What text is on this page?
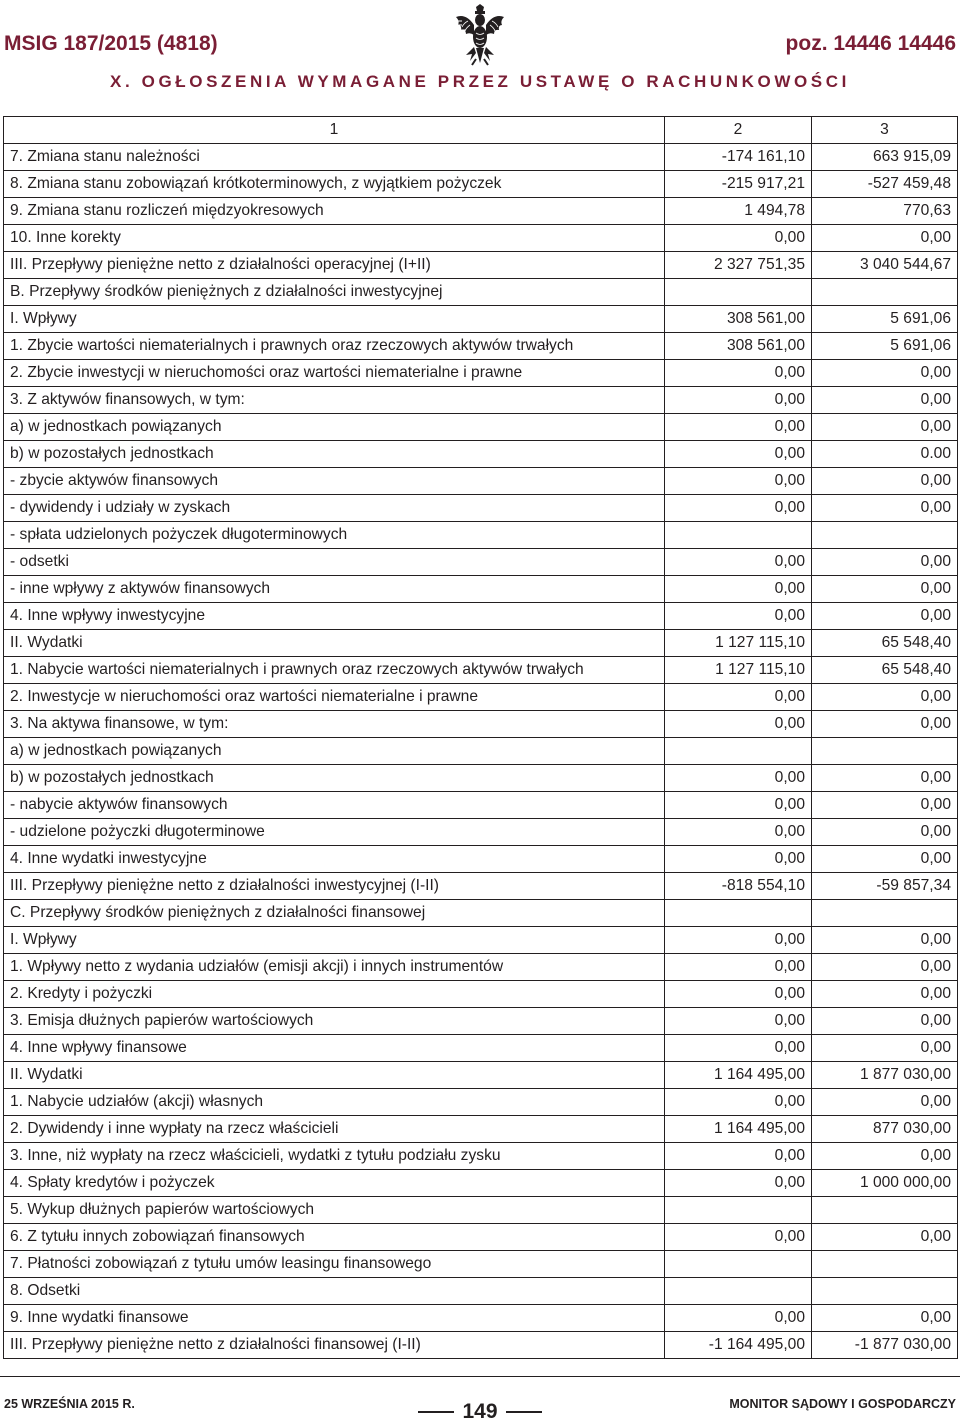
MSIG 187/2015 (4818)	poz. 14446 14446
X. OGŁOSZENIA WYMAGANE PRZEZ USTAWĘ O RACHUNKOWOŚCI
1	2	3
7. Zmiana stanu należności	-174 161,10	663 915,09
8. Zmiana stanu zobowiązań krótkoterminowych, z wyjątkiem pożyczek	-215 917,21	-527 459,48
9. Zmiana stanu rozliczeń międzyokresowych	1 494,78	770,63
10. Inne korekty	0,00	0,00
III. Przepływy pieniężne netto z działalności operacyjnej (I+II)	2 327 751,35	3 040 544,67
B. Przepływy środków pieniężnych z działalności inwestycyjnej		
I. Wpływy	308 561,00	5 691,06
1. Zbycie wartości niematerialnych i prawnych oraz rzeczowych aktywów trwałych	308 561,00	5 691,06
2. Zbycie inwestycji w nieruchomości oraz wartości niematerialne i prawne	0,00	0,00
3. Z aktywów finansowych, w tym:	0,00	0,00
a) w jednostkach powiązanych	0,00	0,00
b) w pozostałych jednostkach	0,00	0.00
- zbycie aktywów finansowych	0,00	0,00
- dywidendy i udziały w zyskach	0,00	0,00
- spłata udzielonych pożyczek długoterminowych		
- odsetki	0,00	0,00
- inne wpływy z aktywów finansowych	0,00	0,00
4. Inne wpływy inwestycyjne	0,00	0,00
II. Wydatki	1 127 115,10	65 548,40
1. Nabycie wartości niematerialnych i prawnych oraz rzeczowych aktywów trwałych	1 127 115,10	65 548,40
2. Inwestycje w nieruchomości oraz wartości niematerialne i prawne	0,00	0,00
3. Na aktywa finansowe, w tym:	0,00	0,00
a) w jednostkach powiązanych		
b) w pozostałych jednostkach	0,00	0,00
- nabycie aktywów finansowych	0,00	0,00
- udzielone pożyczki długoterminowe	0,00	0,00
4. Inne wydatki inwestycyjne	0,00	0,00
III. Przepływy pieniężne netto z działalności inwestycyjnej (I-II)	-818 554,10	-59 857,34
C. Przepływy środków pieniężnych z działalności finansowej		
I. Wpływy	0,00	0,00
1. Wpływy netto z wydania udziałów (emisji akcji) i innych instrumentów	0,00	0,00
2. Kredyty i pożyczki	0,00	0,00
3. Emisja dłużnych papierów wartościowych	0,00	0,00
4. Inne wpływy finansowe	0,00	0,00
II. Wydatki	1 164 495,00	1 877 030,00
1. Nabycie udziałów (akcji) własnych	0,00	0,00
2. Dywidendy i inne wypłaty na rzecz właścicieli	1 164 495,00	877 030,00
3. Inne, niż wypłaty na rzecz właścicieli, wydatki z tytułu podziału zysku	0,00	0,00
4. Spłaty kredytów i pożyczek	0,00	1 000 000,00
5. Wykup dłużnych papierów wartościowych		
6. Z tytułu innych zobowiązań finansowych	0,00	0,00
7. Płatności zobowiązań z tytułu umów leasingu finansowego		
8. Odsetki		
9. Inne wydatki finansowe	0,00	0,00
III. Przepływy pieniężne netto z działalności finansowej (I-II)	-1 164 495,00	-1 877 030,00
25 WRZEŚNIA 2015 R.	149	MONITOR SĄDOWY I GOSPODARCZY
